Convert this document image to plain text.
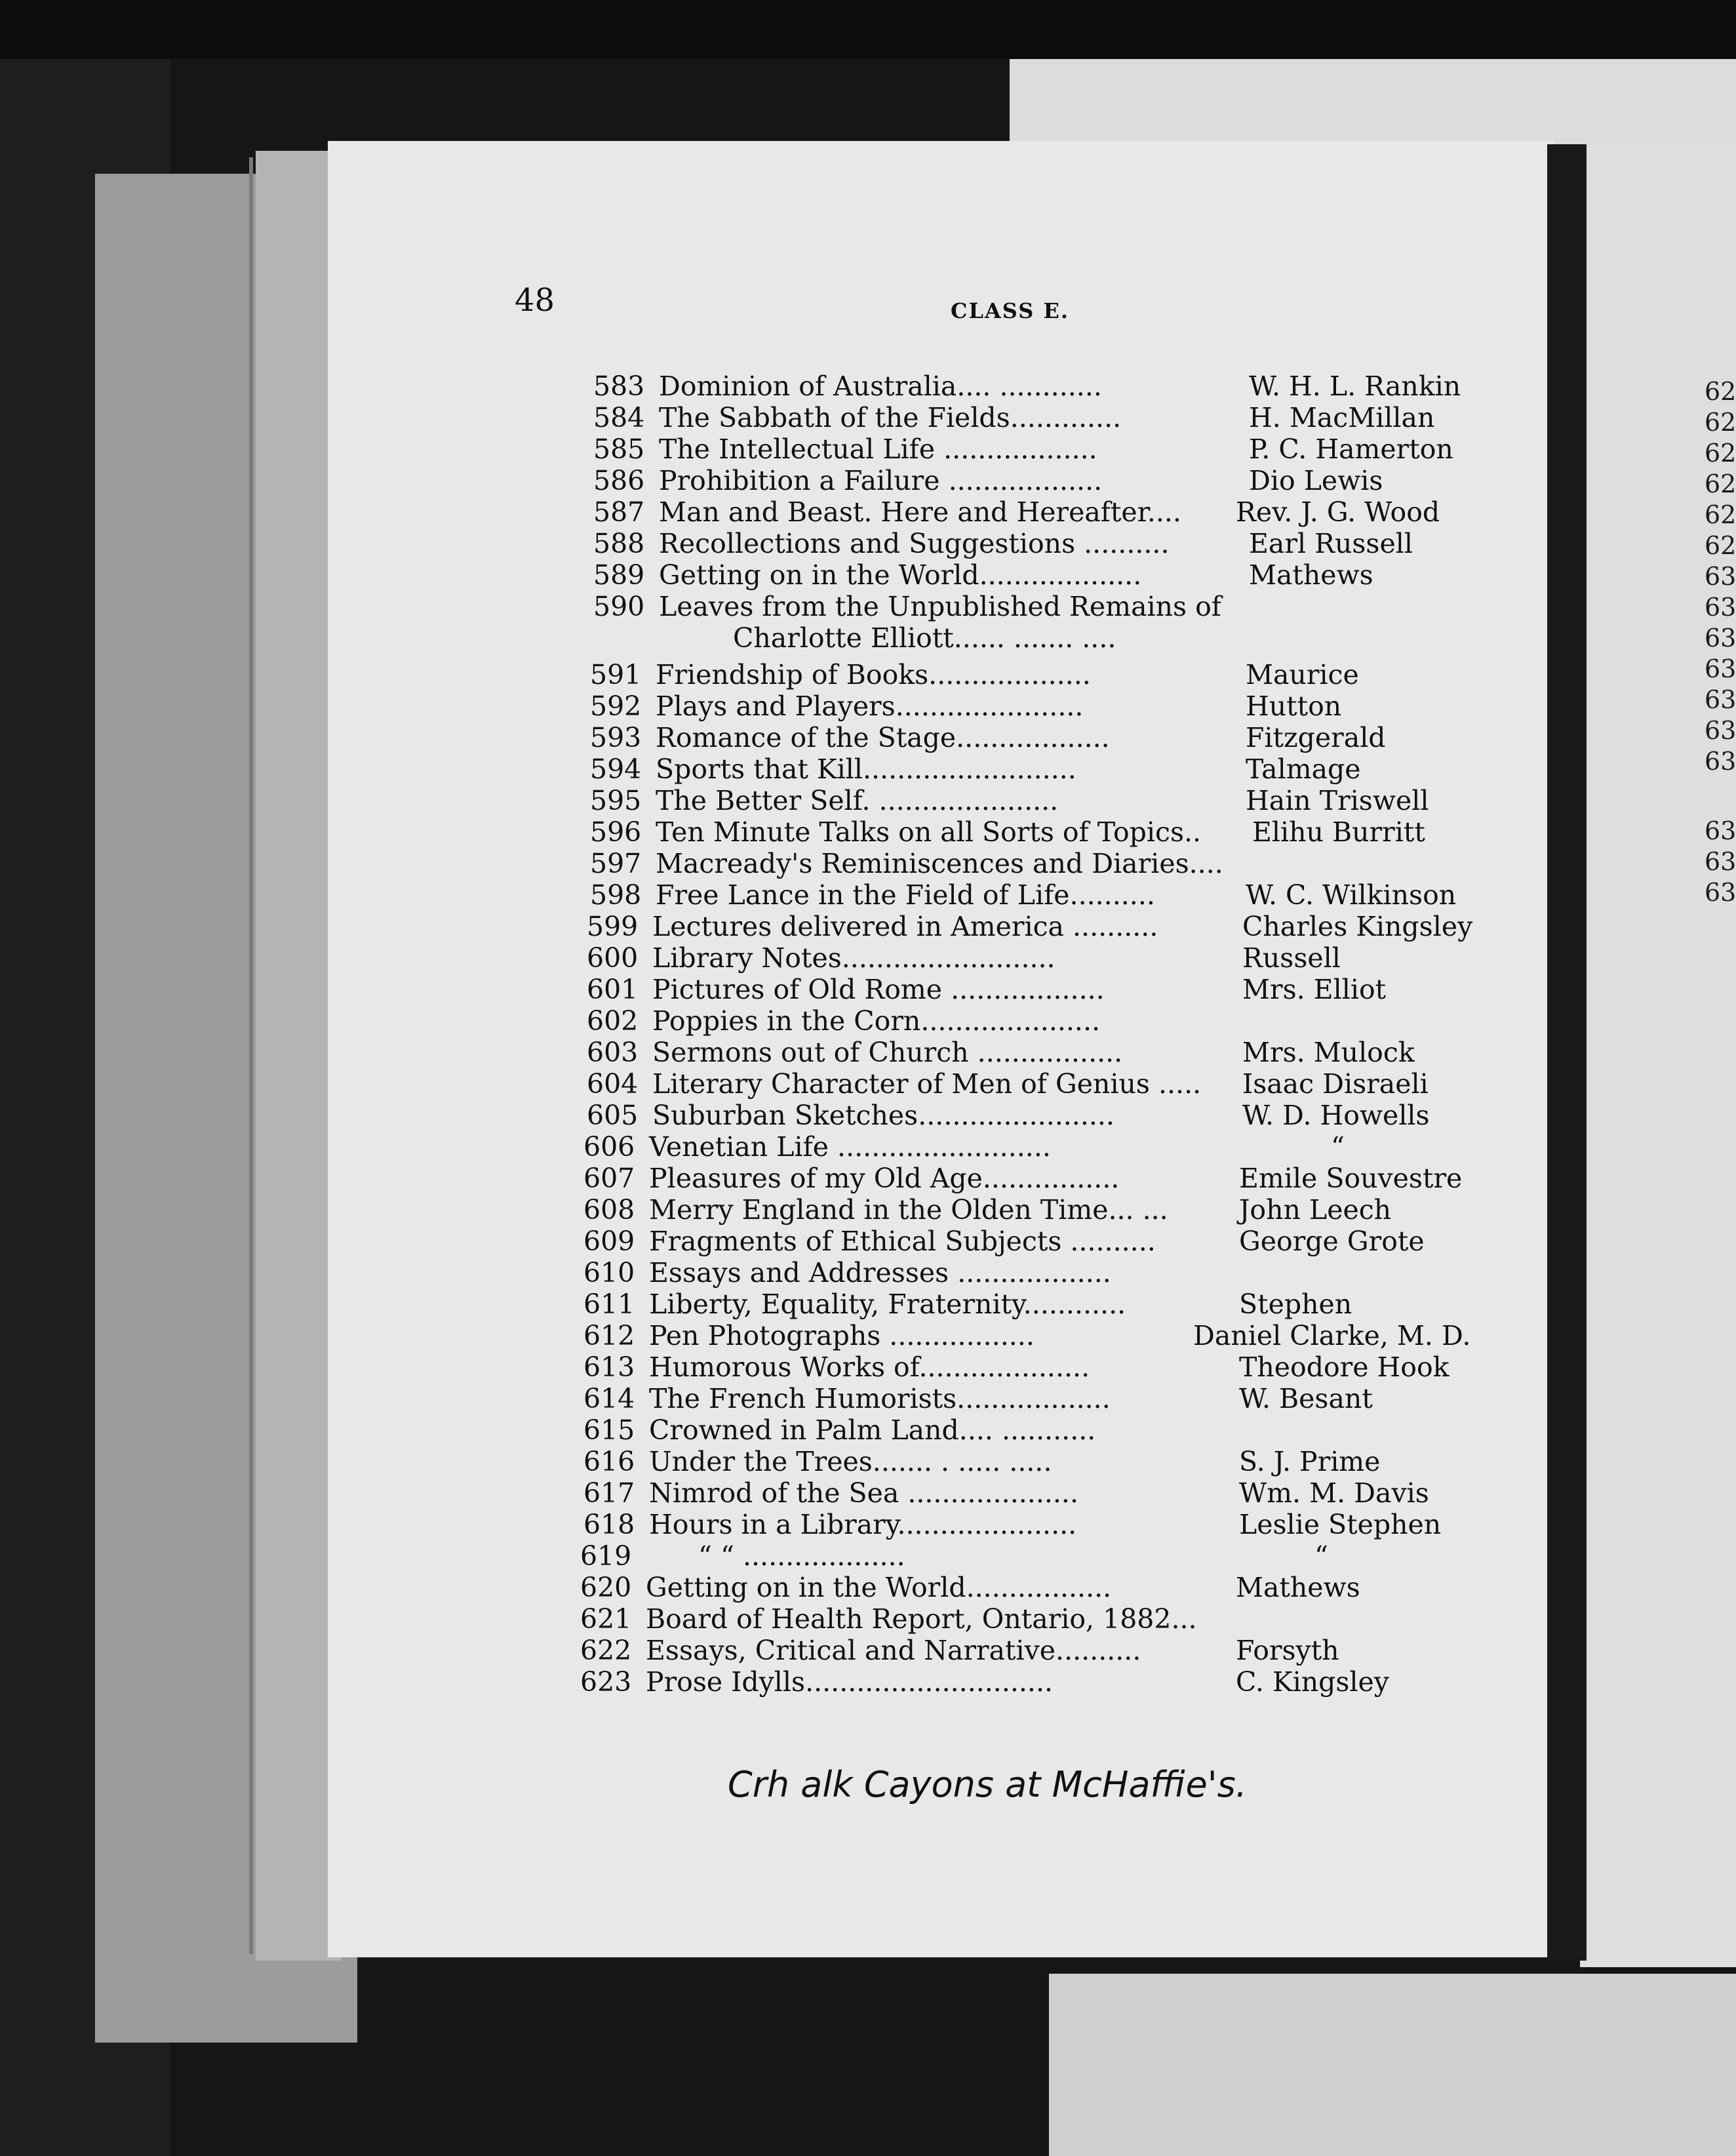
62
62
62
62
62
62
63
63
63
63
63
63
63
63
63
63
48	CLASS E.
583 Dominion of Australia.... ............	W. H. L. Rankin
584 The Sabbath of the Fields.............	H. MacMillan
585 The Intellectual Life ..................	P. C. Hamerton
586 Prohibition a Failure ..................	Dio Lewis
587 Man and Beast. Here and Hereafter.... Rev. J. G. Wood
588 Recollections and Suggestions ..........	Earl Russell
589 Getting on in the World...................	Mathews
590 Leaves from the Unpublished Remains of
Charlotte Elliott...... ....... ....
591 Friendship of Books...................	Maurice
592 Plays and Players......................	Hutton
593 Romance of the Stage..................	Fitzgerald
594 Sports that Kill.........................	Talmage
595 The Better Self. .....................	Hain Triswell
596 Ten Minute Talks on all Sorts of Topics.. Elihu Burritt
597 Macready's Reminiscences and Diaries....
598 Free Lance in the Field of Life..........	W. C. Wilkinson
599 Lectures delivered in America ..........	Charles Kingsley
600 Library Notes.........................	Russell
601 Pictures of Old Rome ..................	Mrs. Elliot
602 Poppies in the Corn.....................
603 Sermons out of Church .................	Mrs. Mulock
604 Literary Character of Men of Genius ..... Isaac Disraeli
605 Suburban Sketches.......................	W. D. Howells
606 Venetian Life .........................	“
607 Pleasures of my Old Age................	Emile Souvestre
608 Merry England in the Olden Time... ...	John Leech
609 Fragments of Ethical Subjects ..........	George Grote
610 Essays and Addresses ..................
611 Liberty, Equality, Fraternity............	Stephen
612 Pen Photographs .................	Daniel Clarke, M. D.
613 Humorous Works of....................	Theodore Hook
614 The French Humorists..................	W. Besant
615 Crowned in Palm Land.... ...........
616 Under the Trees....... . ..... .....	S. J. Prime
617 Nimrod of the Sea ....................	Wm. M. Davis
618 Hours in a Library.....................	Leslie Stephen
619	“ “ ...................	“
620 Getting on in the World.................	Mathews
621 Board of Health Report, Ontario, 1882...
622 Essays, Critical and Narrative..........	Forsyth
623 Prose Idylls.............................	C. Kingsley
Crh alk Cayons at McHaffie's.
